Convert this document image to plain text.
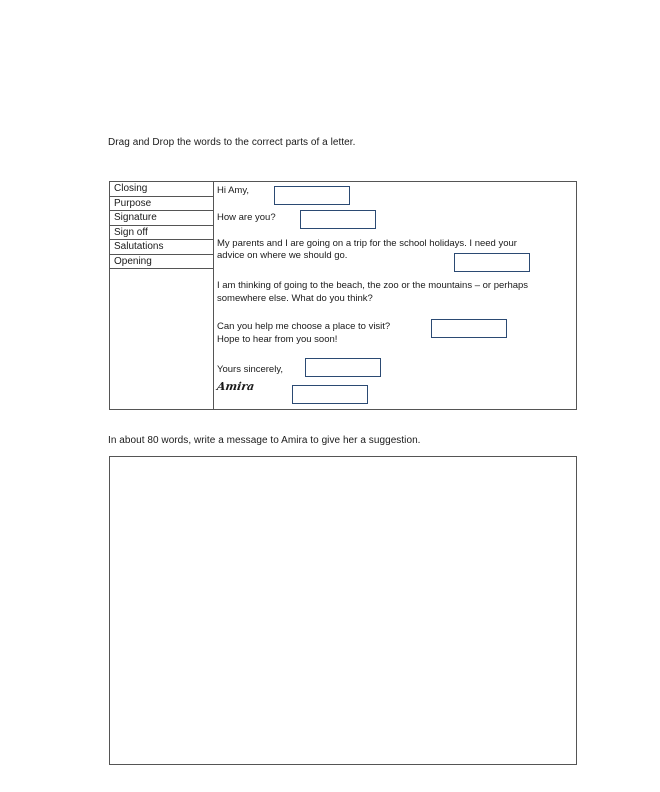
Drag and Drop the words to the correct parts of a letter.
Closing
Purpose
Signature
Sign off
Salutations
Opening
Hi Amy,
How are you?
My parents and I are going on a trip for the school holidays. I need your
advice on where we should go.
I am thinking of going to the beach, the zoo or the mountains – or perhaps
somewhere else. What do you think?
Can you help me choose a place to visit?
Hope to hear from you soon!
Yours sincerely,
Amira
In about 80 words, write a message to Amira to give her a suggestion.
